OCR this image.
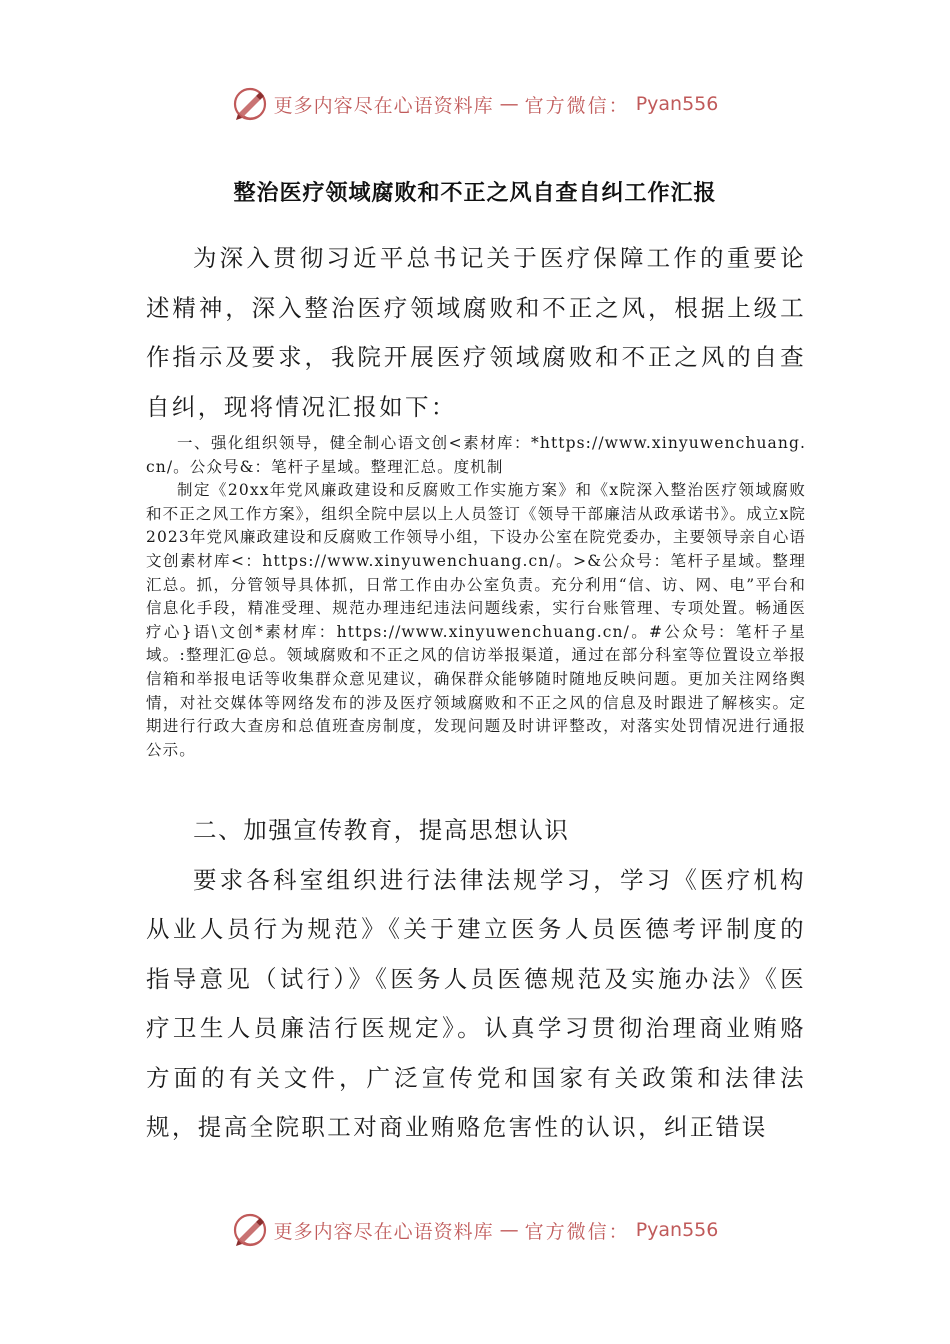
更多内容尽在心语资料库 — 官方微信： Pyan556
整治医疗领域腐败和不正之风自查自纠工作汇报

为深入贯彻习近平总书记关于医疗保障工作的重要论述精神，深入整治医疗领域腐败和不正之风，根据上级工作指示及要求，我院开展医疗领域腐败和不正之风的自查自纠，现将情况汇报如下：

一、强化组织领导，健全制心语文创<素材库：*https://www.xinyuwenchuang.cn/。公众号&：笔杆子星域。整理汇总。度机制

制定《20xx年党风廉政建设和反腐败工作实施方案》和《x院深入整治医疗领域腐败和不正之风工作方案》，组织全院中层以上人员签订《领导干部廉洁从政承诺书》。成立x院2023年党风廉政建设和反腐败工作领导小组，下设办公室在院党委办，主要领导亲自心语文创素材库<：https://www.xinyuwenchuang.cn/。>&公众号：笔杆子星域。整理汇总。抓，分管领导具体抓，日常工作由办公室负责。充分利用“信、访、网、电”平台和信息化手段，精准受理、规范办理违纪违法问题线索，实行台账管理、专项处置。畅通医疗心}语\文创*素材库：https://www.xinyuwenchuang.cn/。#公众号：笔杆子星域。:整理汇@总。领域腐败和不正之风的信访举报渠道，通过在部分科室等位置设立举报信箱和举报电话等收集群众意见建议，确保群众能够随时随地反映问题。更加关注网络舆情，对社交媒体等网络发布的涉及医疗领域腐败和不正之风的信息及时跟进了解核实。定期进行行政大查房和总值班查房制度，发现问题及时讲评整改，对落实处罚情况进行通报公示。

二、加强宣传教育，提高思想认识

要求各科室组织进行法律法规学习，学习《医疗机构从业人员行为规范》《关于建立医务人员医德考评制度的指导意见（试行）》《医务人员医德规范及实施办法》《医疗卫生人员廉洁行医规定》。认真学习贯彻治理商业贿赂方面的有关文件，广泛宣传党和国家有关政策和法律法规，提高全院职工对商业贿赂危害性的认识，纠正错误

更多内容尽在心语资料库 — 官方微信： Pyan556
